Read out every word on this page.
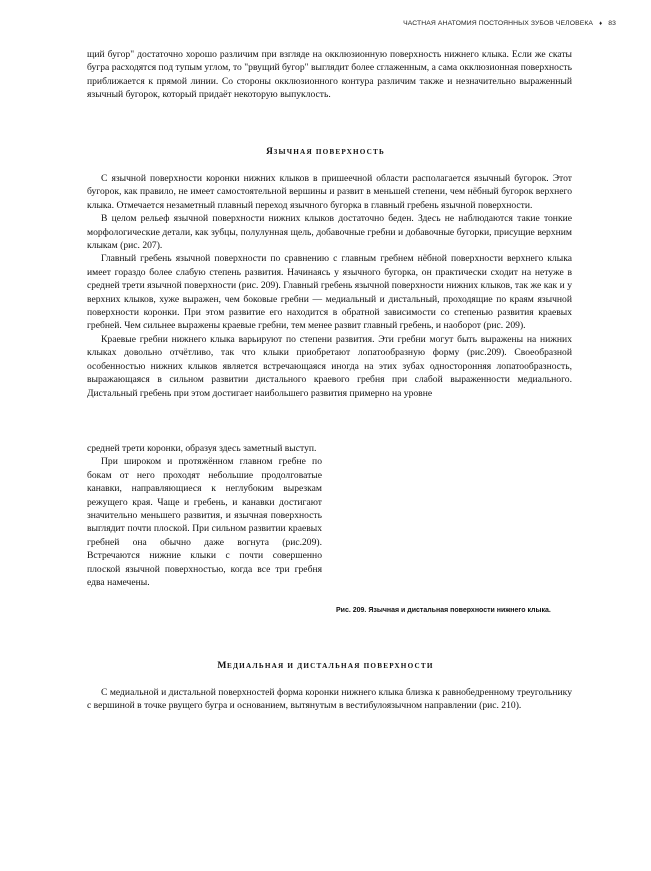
ЧАСТНАЯ АНАТОМИЯ ПОСТОЯННЫХ ЗУБОВ ЧЕЛОВЕКА ♦ 83

щий бугор" достаточно хорошо различим при взгляде на окклюзионную поверхность нижнего клыка. Если же скаты бугра расходятся под тупым углом, то "рвущий бугор" выглядит более сглаженным, а сама окклюзионная поверхность приближается к прямой линии. Со стороны окклюзионного контура различим также и незначительно выраженный язычный бугорок, который придаёт некоторую выпуклость.

ЯЗЫЧНАЯ ПОВЕРХНОСТЬ

С язычной поверхности коронки нижних клыков в пришеечной области располагается язычный бугорок. Этот бугорок, как правило, не имеет самостоятельной вершины и развит в меньшей степени, чем нёбный бугорок верхнего клыка. Отмечается незаметный плавный переход язычного бугорка в главный гребень язычной поверхности.

В целом рельеф язычной поверхности нижних клыков достаточно беден. Здесь не наблюдаются такие тонкие морфологические детали, как зубцы, полулунная щель, добавочные гребни и добавочные бугорки, присущие верхним клыкам (рис. 207).

Главный гребень язычной поверхности по сравнению с главным гребнем нёбной поверхности верхнего клыка имеет гораздо более слабую степень развития. Начинаясь у язычного бугорка, он практически сходит на нетуже в средней трети язычной поверхности (рис. 209). Главный гребень язычной поверхности нижних клыков, так же как и у верхних клыков, хуже выражен, чем боковые гребни — медиальный и дистальный, проходящие по краям язычной поверхности коронки. При этом развитие его находится в обратной зависимости со степенью развития краевых гребней. Чем сильнее выражены краевые гребни, тем менее развит главный гребень, и наоборот (рис. 209).

Краевые гребни нижнего клыка варьируют по степени развития. Эти гребни могут быть выражены на нижних клыках довольно отчётливо, так что клыки приобретают лопатообразную форму (рис.209). Своеобразной особенностью нижних клыков является встречающаяся иногда на этих зубах односторонняя лопатообразность, выражающаяся в сильном развитии дистального краевого гребня при слабой выраженности медиального. Дистальный гребень при этом достигает наибольшего развития примерно на уровне

средней трети коронки, образуя здесь заметный выступ.

При широком и протяжённом главном гребне по бокам от него проходят небольшие продолговатые канавки, направляющиеся к неглубоким вырезкам режущего края. Чаще и гребень, и канавки достигают значительно меньшего развития, и язычная поверхность выглядит почти плоской. При сильном развитии краевых гребней она обычно даже вогнута (рис.209). Встречаются нижние клыки с почти совершенно плоской язычной поверхностью, когда все три гребня едва намечены.

Рис. 209. Язычная и дистальная поверхности нижнего клыка.
МЕДИАЛЬНАЯ И ДИСТАЛЬНАЯ ПОВЕРХНОСТИ

С медиальной и дистальной поверхностей форма коронки нижнего клыка близка к равнобедренному треугольнику с вершиной в точке рвущего бугра и основанием, вытянутым в вестибулоязычном направлении (рис. 210).
